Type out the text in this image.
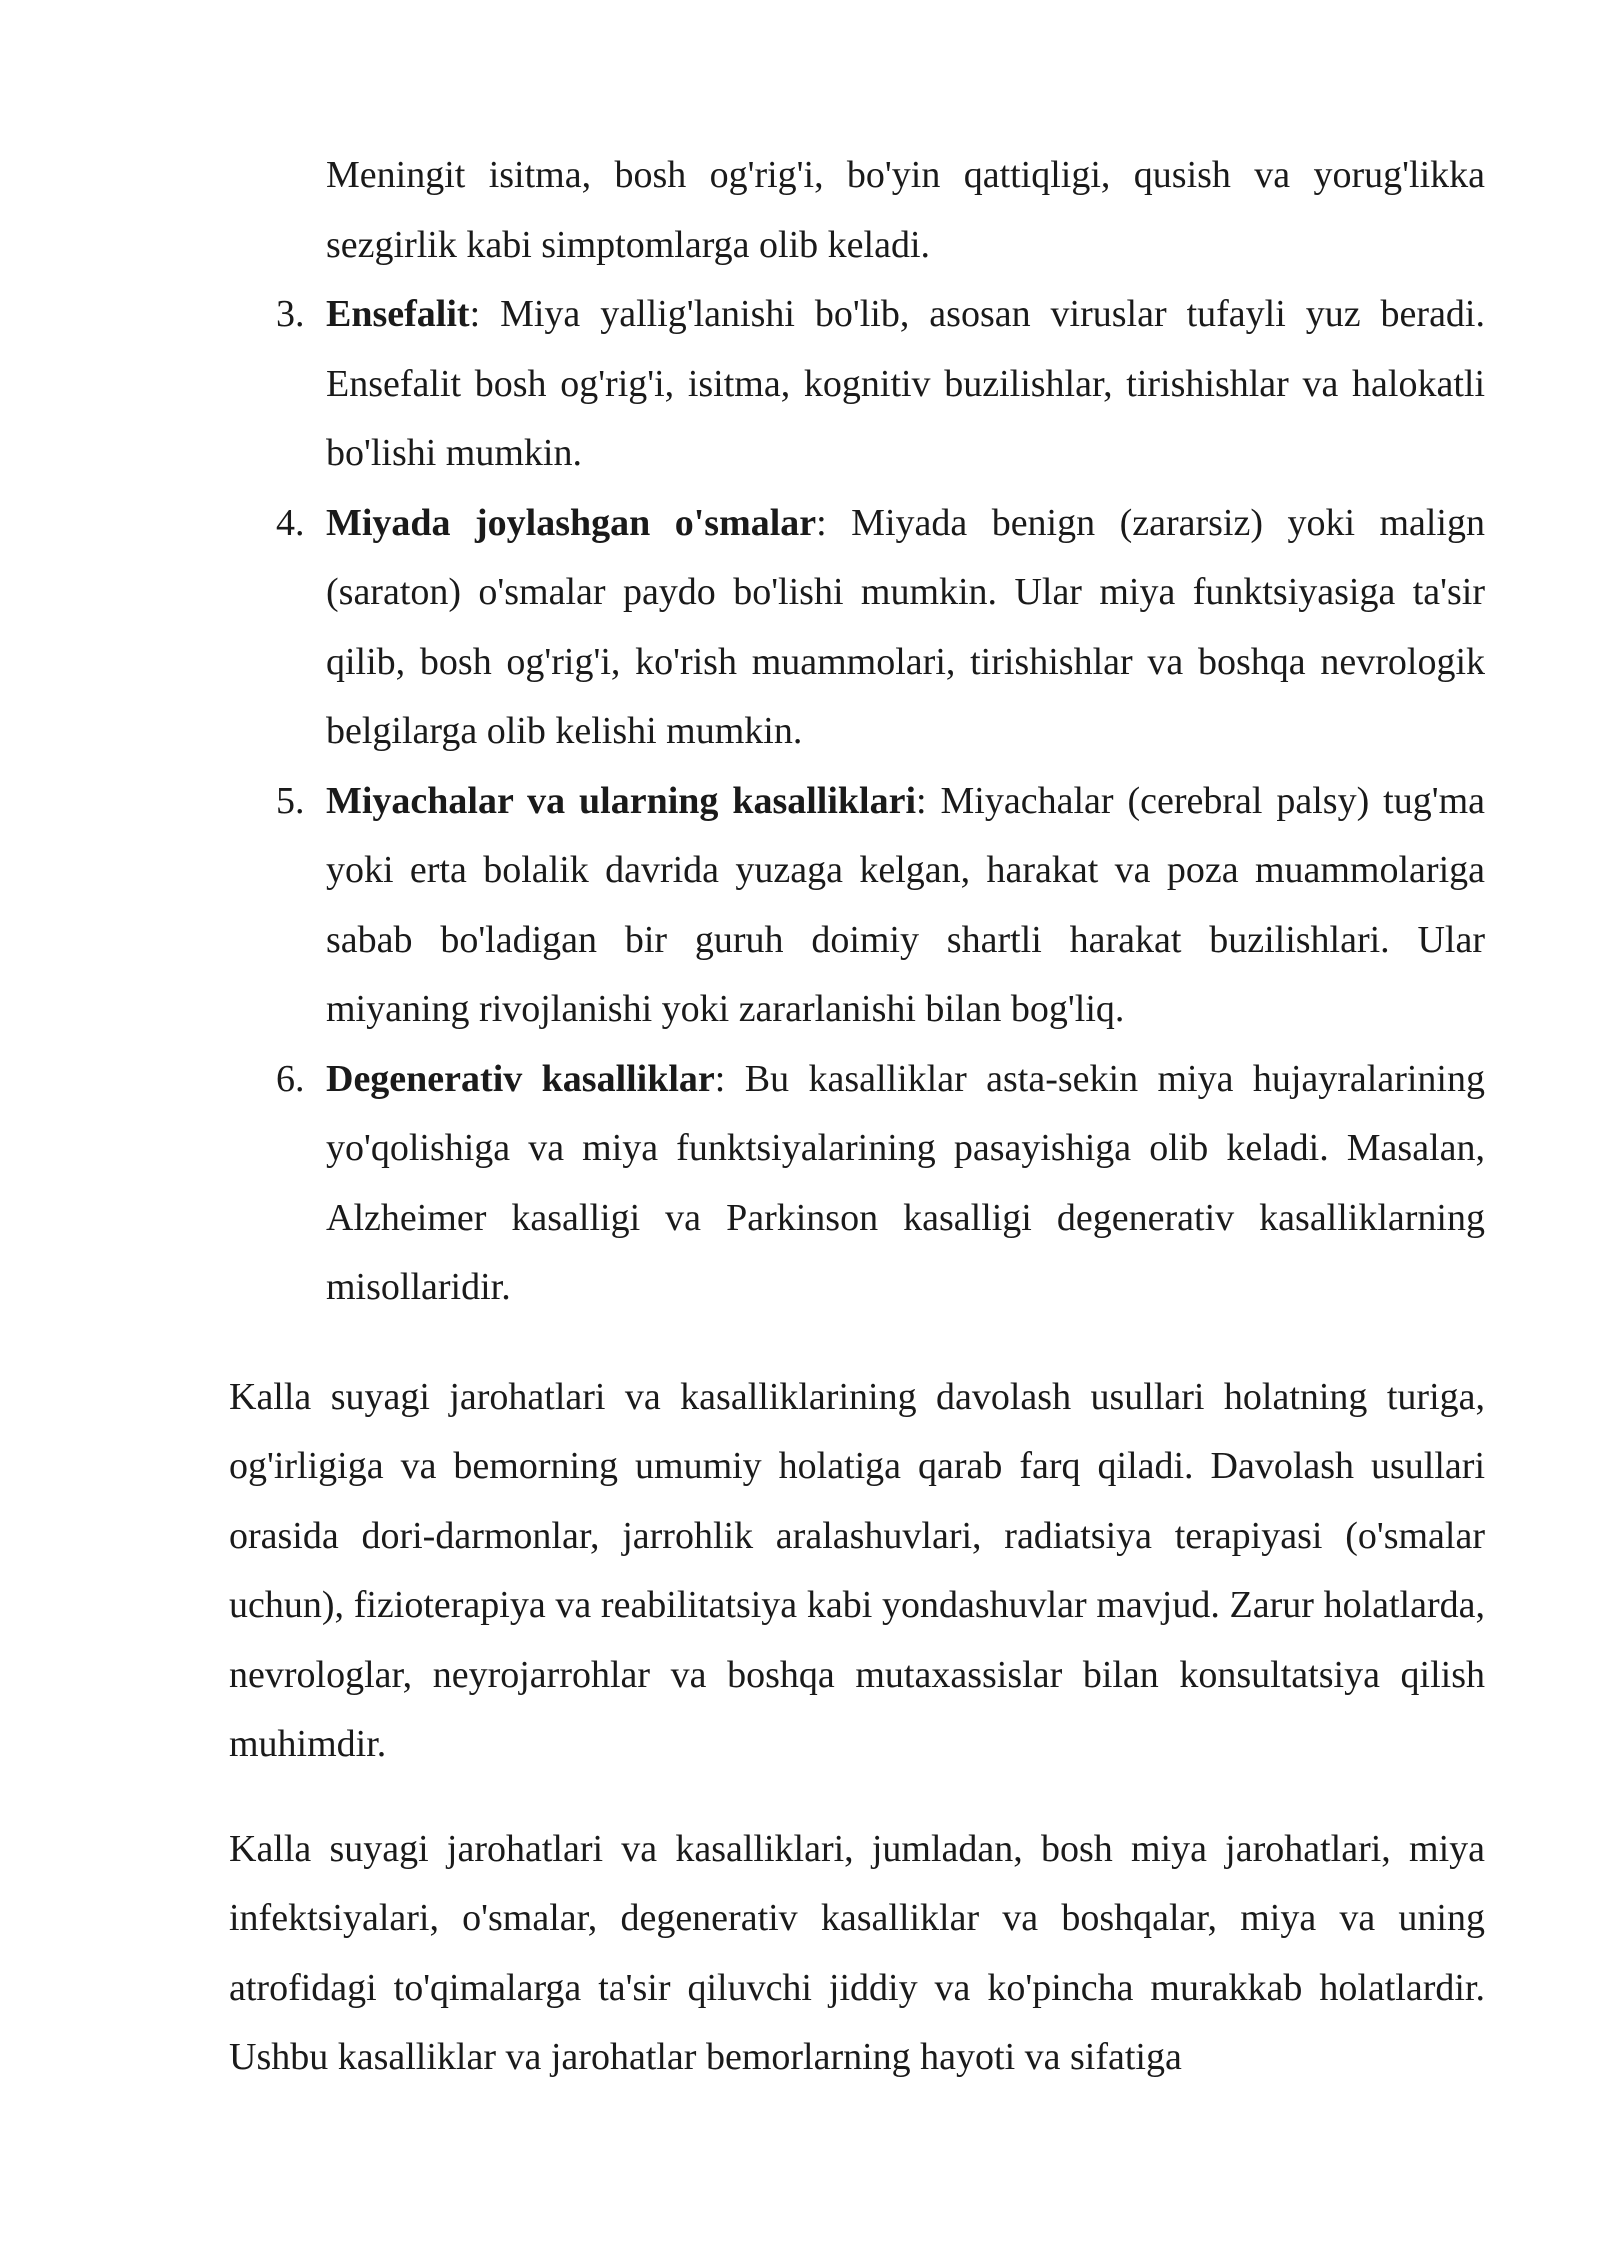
Meningit isitma, bosh og'rig'i, bo'yin qattiqligi, qusish va yorug'likka sezgirlik kabi simptomlarga olib keladi.
3. Ensefalit: Miya yallig'lanishi bo'lib, asosan viruslar tufayli yuz beradi. Ensefalit bosh og'rig'i, isitma, kognitiv buzilishlar, tirishishlar va halokatli bo'lishi mumkin.
4. Miyada joylashgan o'smalar: Miyada benign (zararsiz) yoki malign (saraton) o'smalar paydo bo'lishi mumkin. Ular miya funktsiyasiga ta'sir qilib, bosh og'rig'i, ko'rish muammolari, tirishishlar va boshqa nevrologik belgilarga olib kelishi mumkin.
5. Miyachalar va ularning kasalliklari: Miyachalar (cerebral palsy) tug'ma yoki erta bolalik davrida yuzaga kelgan, harakat va poza muammolariga sabab bo'ladigan bir guruh doimiy shartli harakat buzilishlari. Ular miyaning rivojlanishi yoki zararlanishi bilan bog'liq.
6. Degenerativ kasalliklar: Bu kasalliklar asta-sekin miya hujayralarining yo'qolishiga va miya funktsiyalarining pasayishiga olib keladi. Masalan, Alzheimer kasalligi va Parkinson kasalligi degenerativ kasalliklarning misollaridir.

Kalla suyagi jarohatlari va kasalliklarining davolash usullari holatning turiga, og'irligiga va bemorning umumiy holatiga qarab farq qiladi. Davolash usullari orasida dori-darmonlar, jarrohlik aralashuvlari, radiatsiya terapiyasi (o'smalar uchun), fizioterapiya va reabilitatsiya kabi yondashuvlar mavjud. Zarur holatlarda, nevrologlar, neyrojarrohlar va boshqa mutaxassislar bilan konsultatsiya qilish muhimdir.

Kalla suyagi jarohatlari va kasalliklari, jumladan, bosh miya jarohatlari, miya infektsiyalari, o'smalar, degenerativ kasalliklar va boshqalar, miya va uning atrofidagi to'qimalarga ta'sir qiluvchi jiddiy va ko'pincha murakkab holatlardir. Ushbu kasalliklar va jarohatlar bemorlarning hayoti va sifatiga
